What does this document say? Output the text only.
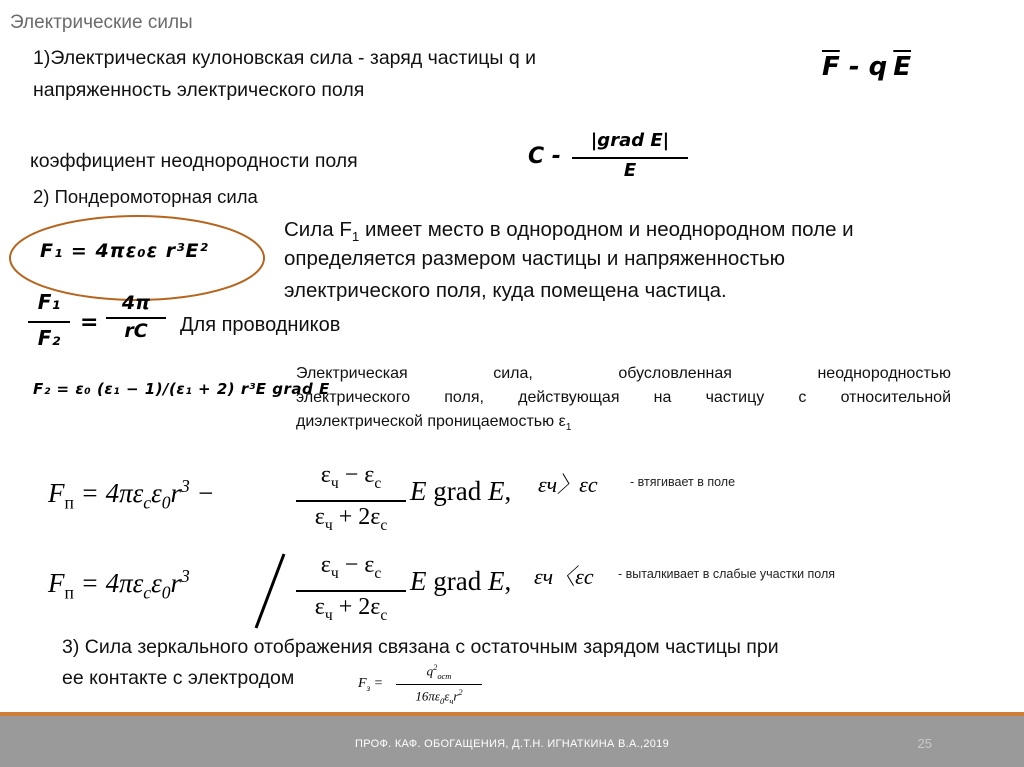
Электрические силы
1)Электрическая кулоновская сила - заряд частицы q и
напряженность электрического поля
$\overline{F}$ - q $\overline{E}$
коэффициент неоднородности поля	C -
|grad E|
E
2) Пондеромоторная сила
F₁ = 4πε₀ε r³E²
Сила $F_1$ имеет место в однородном и неоднородном поле и
определяется размером частицы и напряженностью
электрического поля, куда помещена частица.
F₁
F₂
=
4π
rC	Для проводников
F₂ = ε₀ (ε₁ − 1)/(ε₁ + 2) r³E grad E
Электрическая сила, обусловленная неоднородностью
электрического поля, действующая на частицу с относительной
диэлектрической проницаемостью $\varepsilon_1$
$F_п = 4\pi\varepsilon_с\varepsilon_0r^3$ −
$\varepsilon_ч - \varepsilon_с$
$\varepsilon_ч + 2\varepsilon_с$
E grad E,
$F_п = 4\pi\varepsilon_с\varepsilon_0r^3$	$\varepsilon_ч - \varepsilon_с$
$\varepsilon_ч + 2\varepsilon_с$
E grad E,
εч〉εс	- втягивает в поле
εч〈εс - выталкивает в слабые участки поля
3) Сила зеркального отображения связана с остаточным зарядом частицы при
ее контакте с электродом	$F_з$ =
$q^2_{ост}$
$16\pi\varepsilon_0\varepsilon_чr^2$
ПРОФ. КАФ. ОБОГАЩЕНИЯ, Д.Т.Н. ИГНАТКИНА В.А.,2019	25
